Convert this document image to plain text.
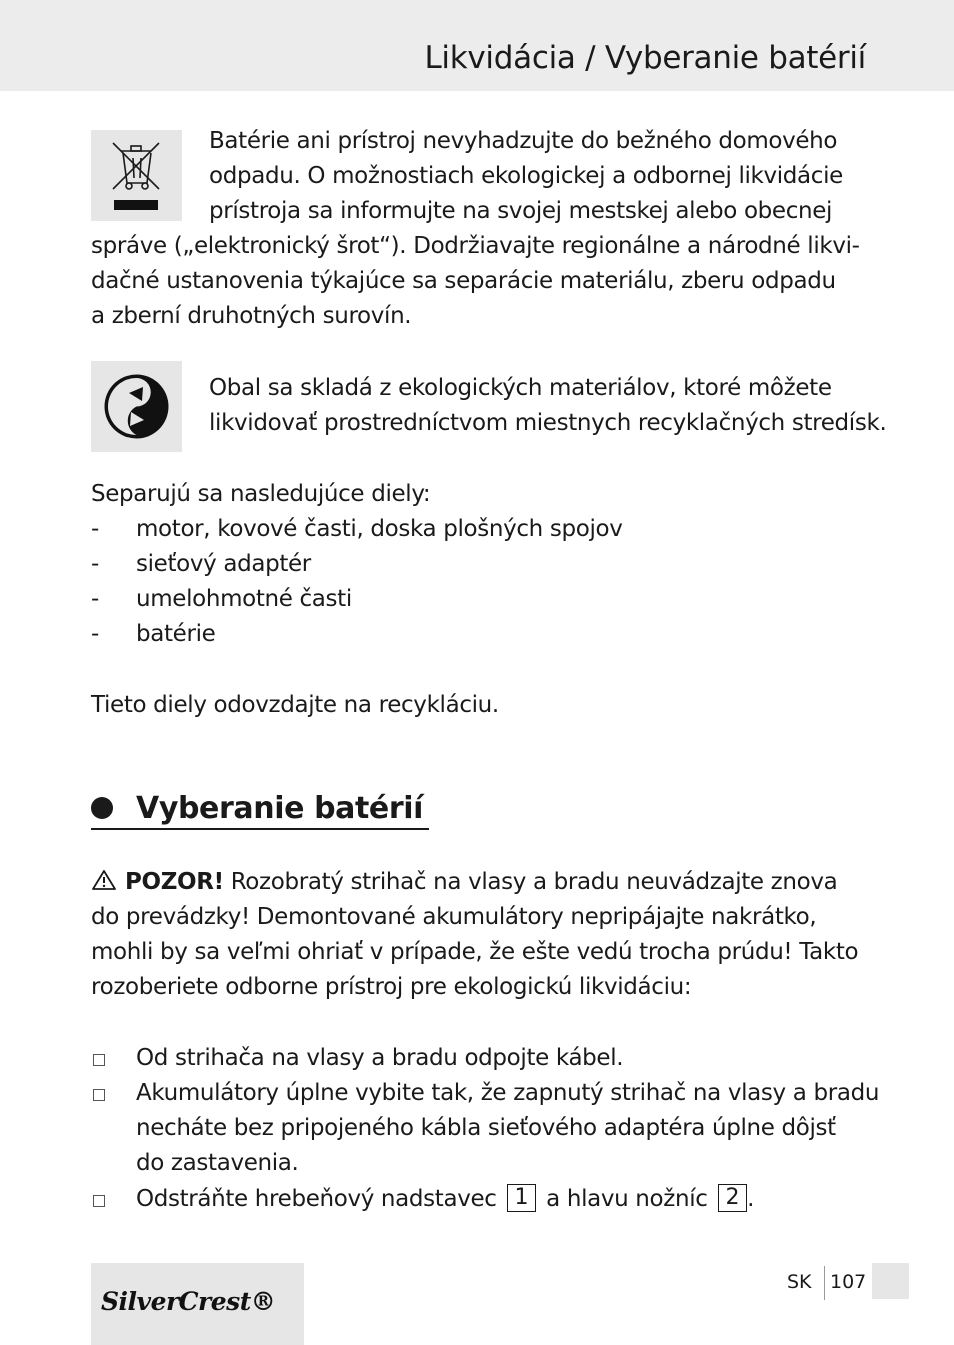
Likvidácia / Vyberanie batérií
Batérie ani prístroj nevyhadzujte do bežného domového
odpadu. O možnostiach ekologickej a odbornej likvidácie
prístroja sa informujte na svojej mestskej alebo obecnej
správe („elektronický šrot“). Dodržiavajte regionálne a národné likvi-
dačné ustanovenia týkajúce sa separácie materiálu, zberu odpadu
a zberní druhotných surovín.
Obal sa skladá z ekologických materiálov, ktoré môžete
likvidovať prostredníctvom miestnych recyklačných stredísk.
Separujú sa nasledujúce diely:
- motor, kovové časti, doska plošných spojov
- sieťový adaptér
- umelohmotné časti
- batérie
Tieto diely odovzdajte na recykláciu.
Vyberanie batérií
POZOR! Rozobratý strihač na vlasy a bradu neuvádzajte znova
do prevádzky! Demontované akumulátory nepripájajte nakrátko,
mohli by sa veľmi ohriať v prípade, že ešte vedú trocha prúdu! Takto
rozoberiete odborne prístroj pre ekologickú likvidáciu:
Od strihača na vlasy a bradu odpojte kábel.
Akumulátory úplne vybite tak, že zapnutý strihač na vlasy a bradu
necháte bez pripojeného kábla sieťového adaptéra úplne dôjsť
do zastavenia.
Odstráňte hrebeňový nadstavec 1 a hlavu nožníc 2 .
SilverCrest®
SK 107
